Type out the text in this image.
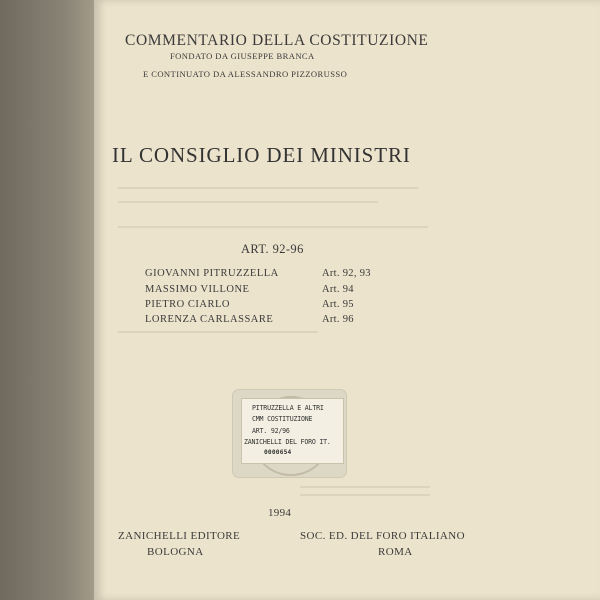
COMMENTARIO DELLA COSTITUZIONE
FONDATO DA GIUSEPPE BRANCA
E CONTINUATO DA ALESSANDRO PIZZORUSSO
IL CONSIGLIO DEI MINISTRI
ART. 92-96
GIOVANNI PITRUZZELLA	Art. 92, 93
MASSIMO VILLONE	Art. 94
PIETRO CIARLO	Art. 95
LORENZA CARLASSARE	Art. 96
PITRUZZELLA E ALTRI
CMM COSTITUZIONE
ART. 92/96
ZANICHELLI DEL FORO IT.
0000654
1994
ZANICHELLI EDITORE
BOLOGNA
SOC. ED. DEL FORO ITALIANO
ROMA
